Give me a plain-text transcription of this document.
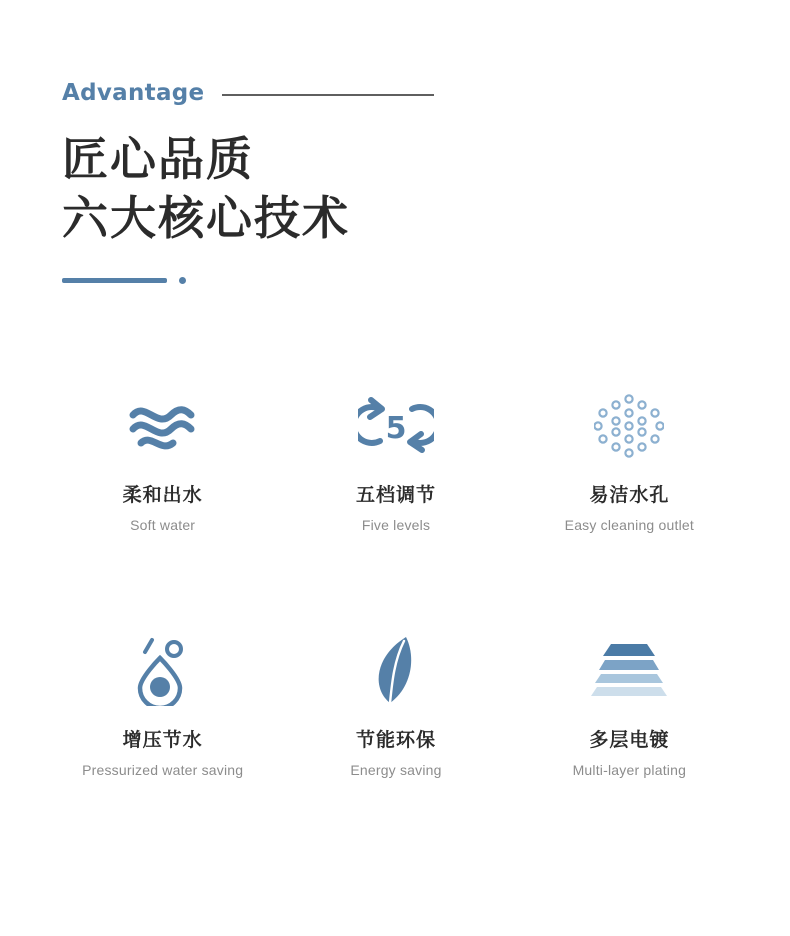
Advantage
匠心品质
六大核心技术
柔和出水
Soft water
5
五档调节
Five levels
易洁水孔
Easy cleaning outlet
增压节水
Pressurized water saving
节能环保
Energy saving
多层电镀
Multi-layer plating
